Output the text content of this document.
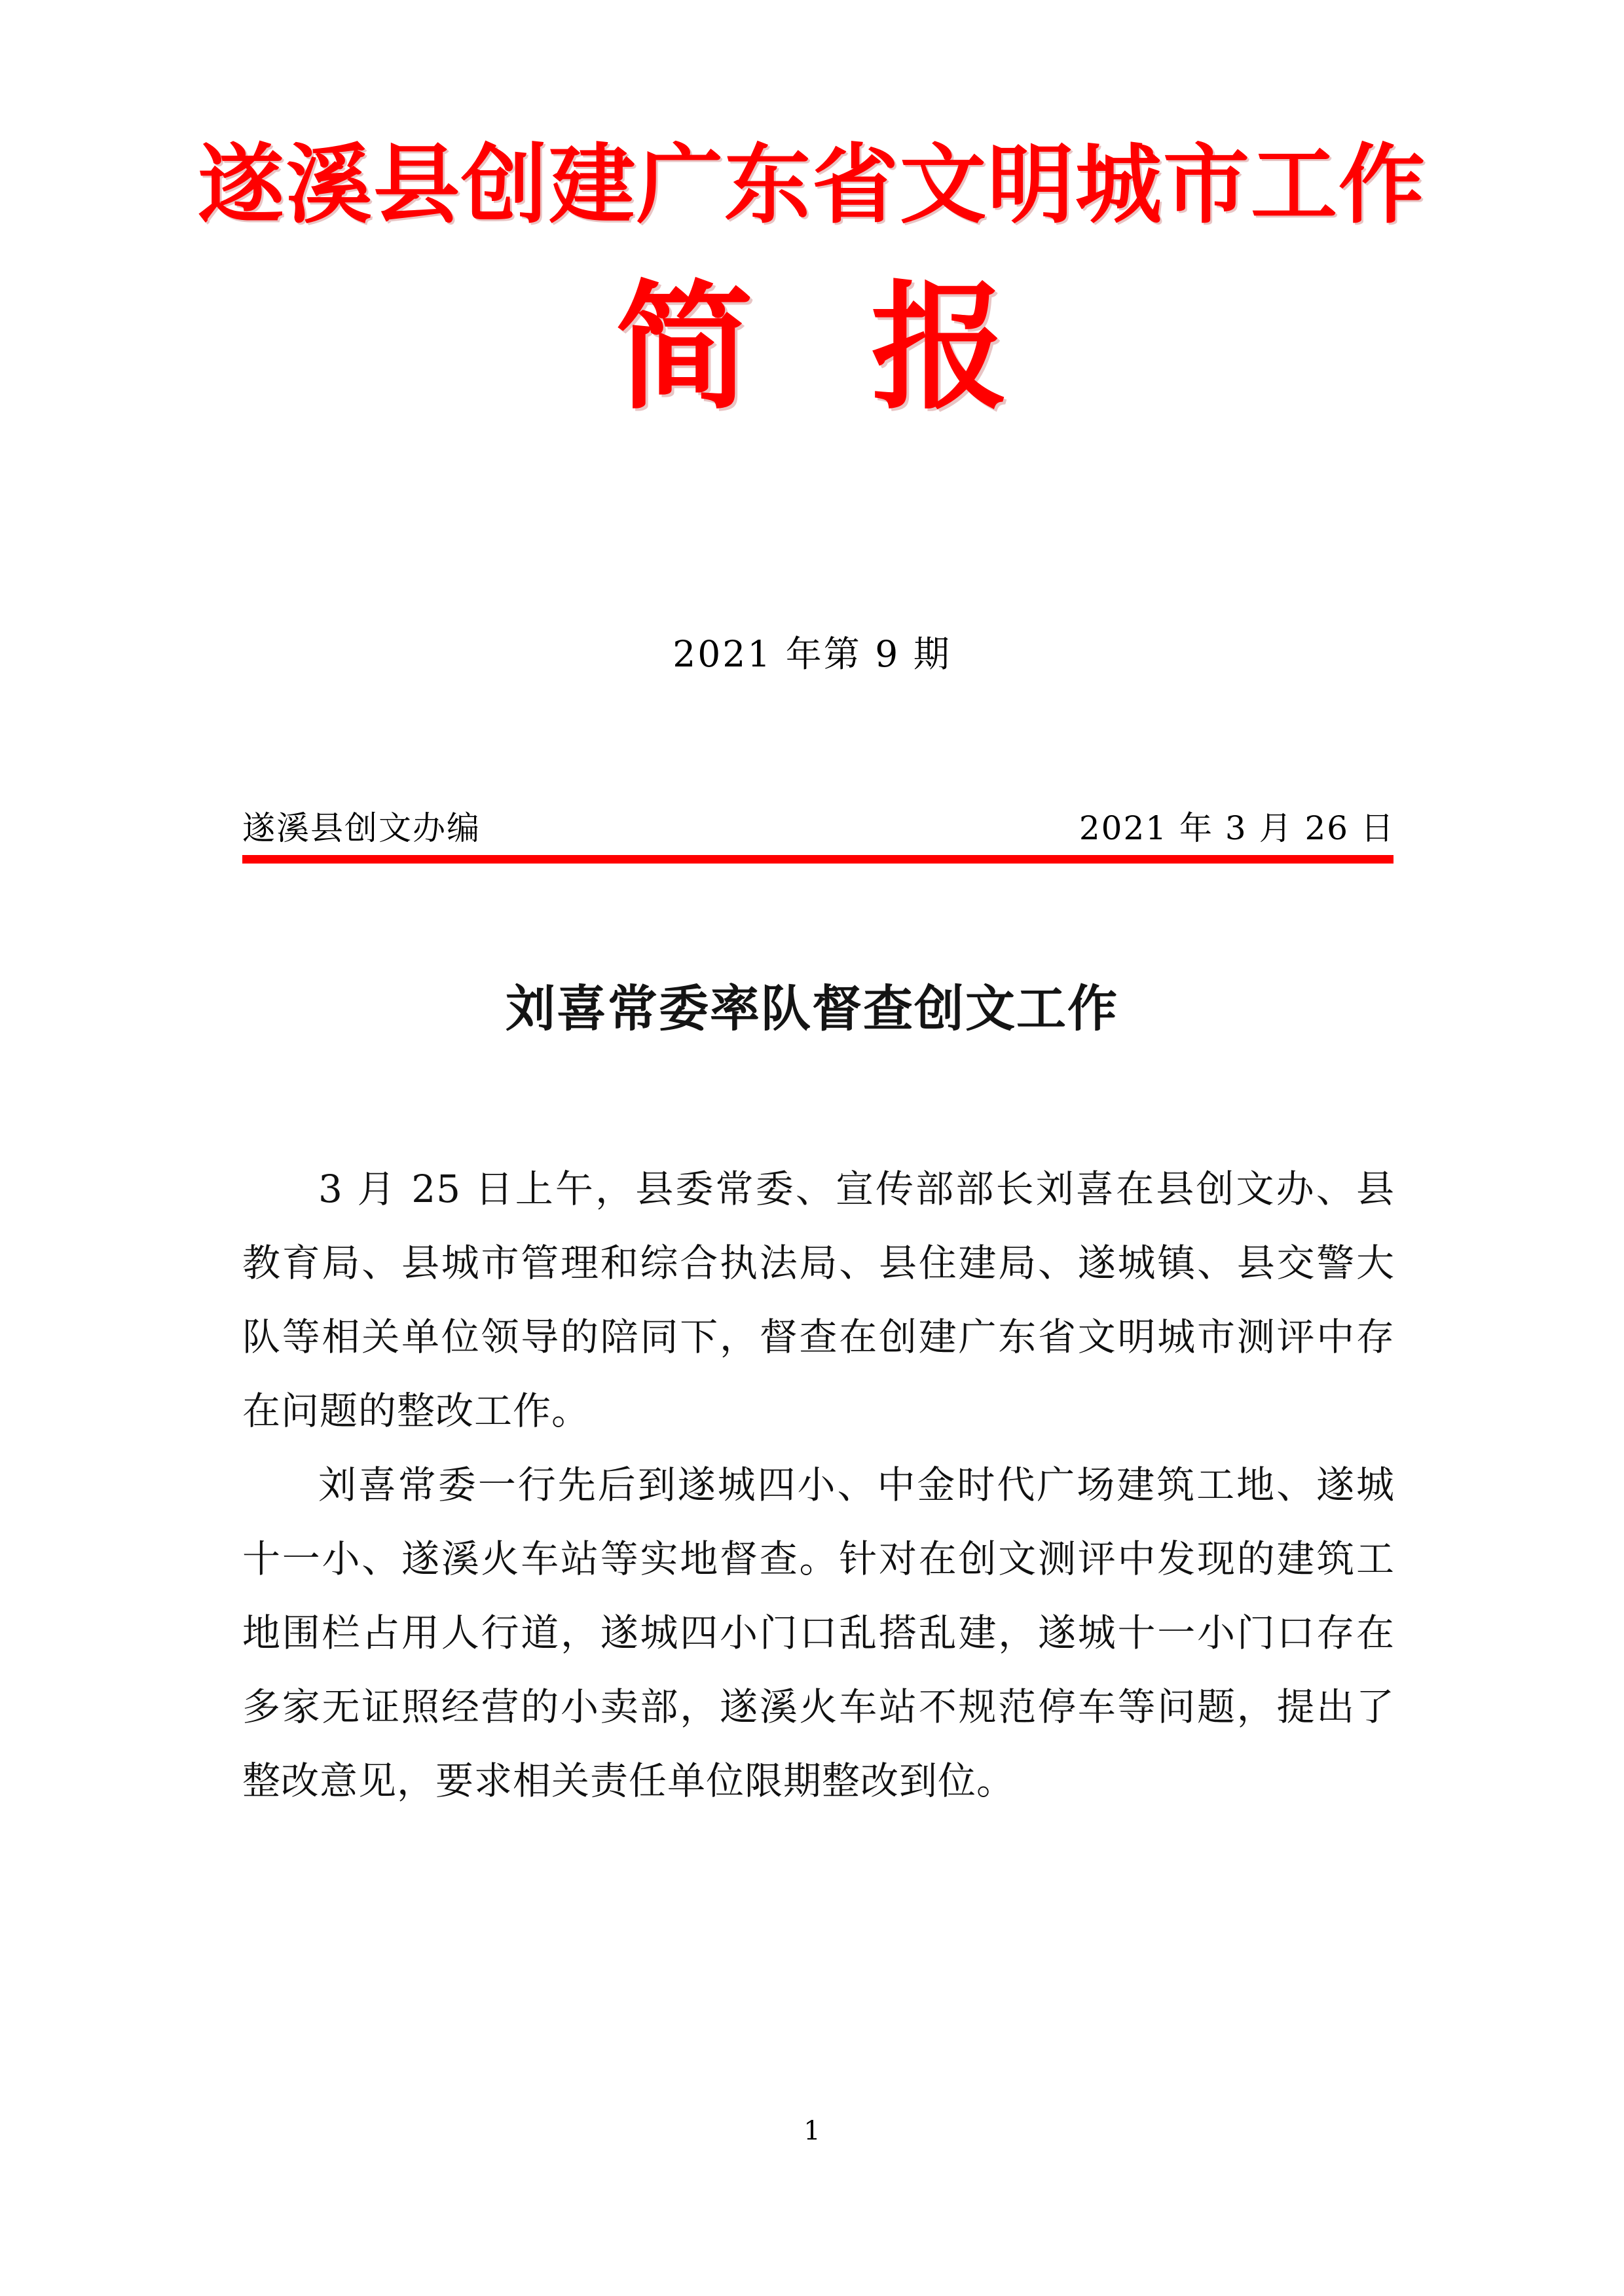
遂溪县创建广东省文明城市工作
简 报
2021 年第 9 期
遂溪县创文办编	2021 年 3 月 26 日
刘喜常委率队督查创文工作

3 月 25 日上午，县委常委、宣传部部长刘喜在县创文办、县教育局、县城市管理和综合执法局、县住建局、遂城镇、县交警大队等相关单位领导的陪同下，督查在创建广东省文明城市测评中存在问题的整改工作。

刘喜常委一行先后到遂城四小、中金时代广场建筑工地、遂城十一小、遂溪火车站等实地督查。针对在创文测评中发现的建筑工地围栏占用人行道，遂城四小门口乱搭乱建，遂城十一小门口存在多家无证照经营的小卖部，遂溪火车站不规范停车等问题，提出了整改意见，要求相关责任单位限期整改到位。

1
